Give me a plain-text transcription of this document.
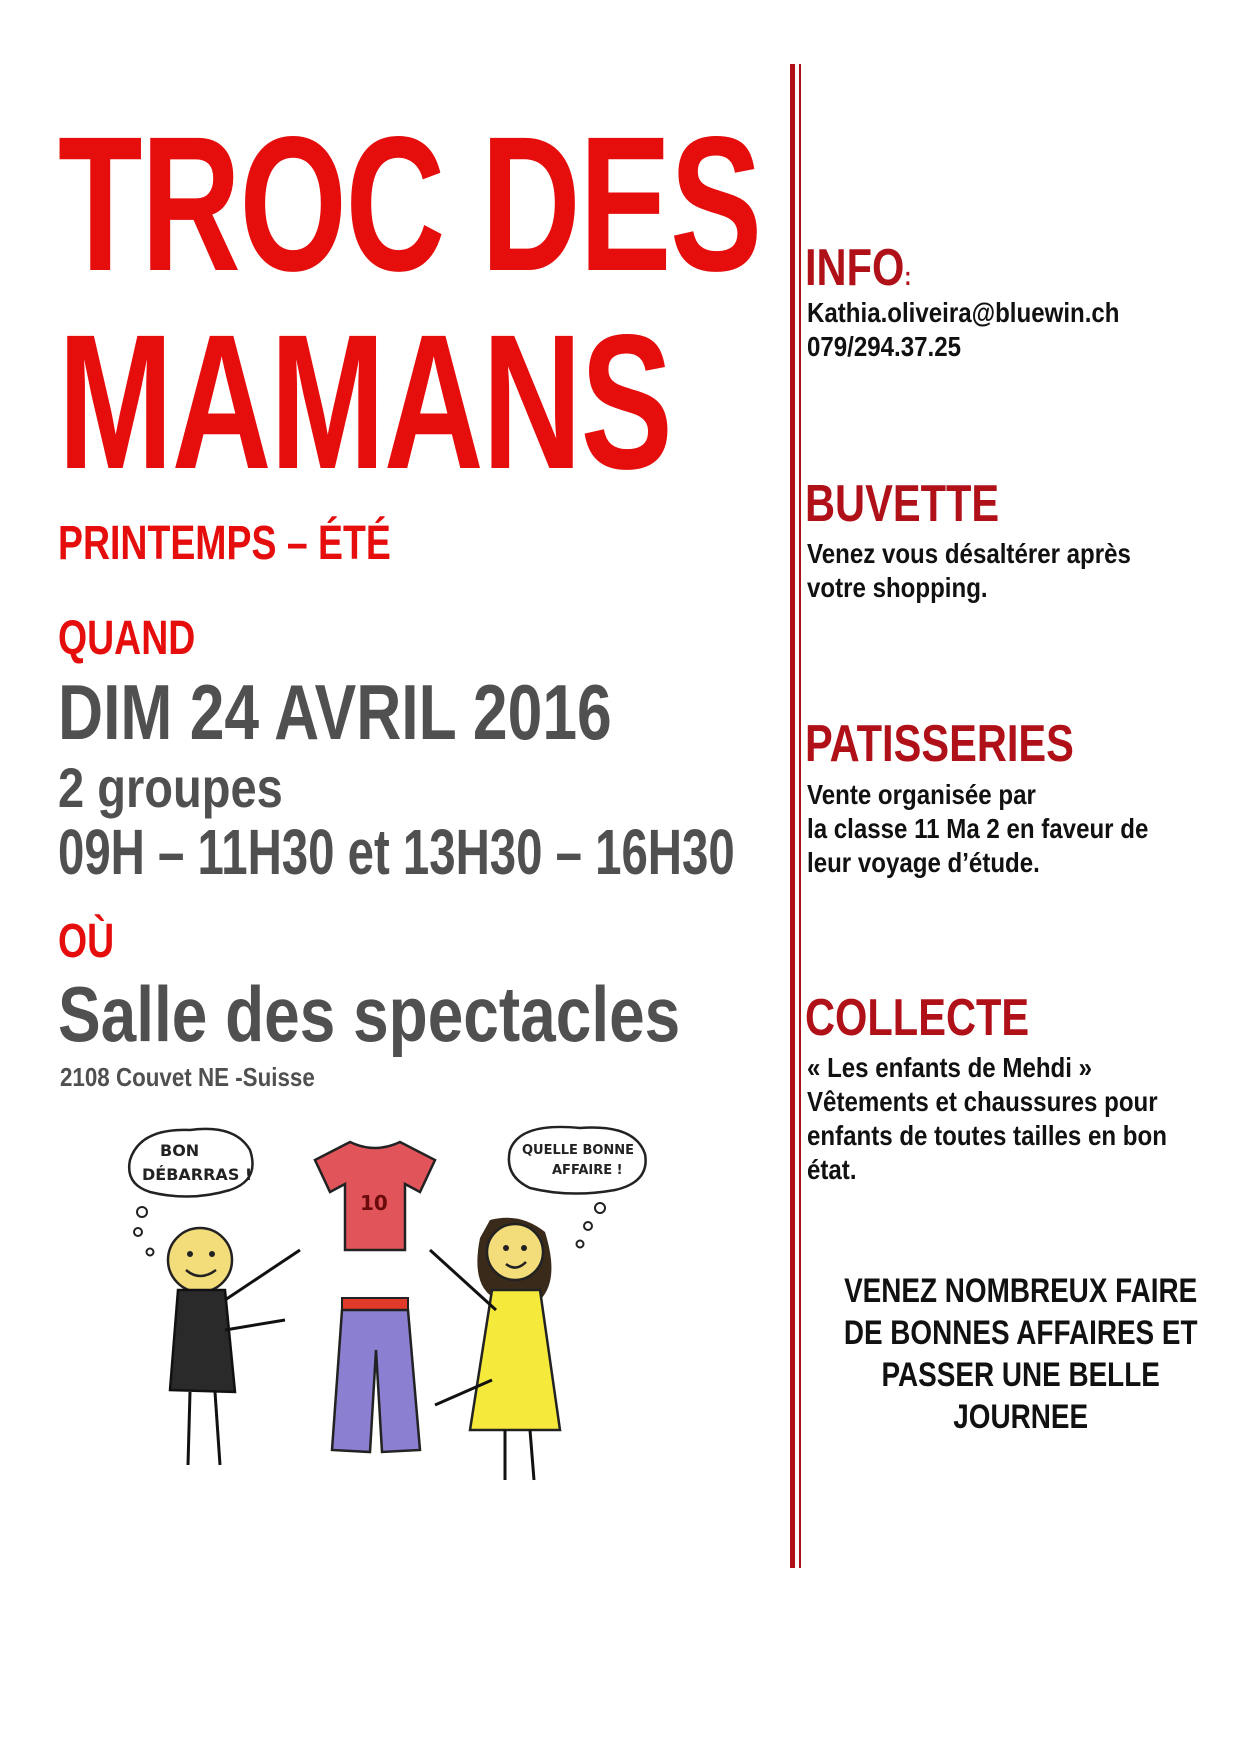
TROC DES
MAMANS
PRINTEMPS – ÉTÉ
QUAND
DIM 24 AVRIL 2016
2 groupes
09H – 11H30 et 13H30 – 16H30
OÙ
Salle des spectacles
2108 Couvet NE -Suisse
BON
DÉBARRAS !
QUELLE BONNE
AFFAIRE !
10
INFO:
Kathia.oliveira@bluewin.ch
079/294.37.25
BUVETTE
Venez vous désaltérer après
votre shopping.
PATISSERIES
Vente organisée par
la classe 11 Ma 2 en faveur de
leur voyage d’étude.
COLLECTE
« Les enfants de Mehdi »
Vêtements et chaussures pour
enfants de toutes tailles en bon
état.
VENEZ NOMBREUX FAIRE
DE BONNES AFFAIRES ET
PASSER UNE BELLE
JOURNEE
